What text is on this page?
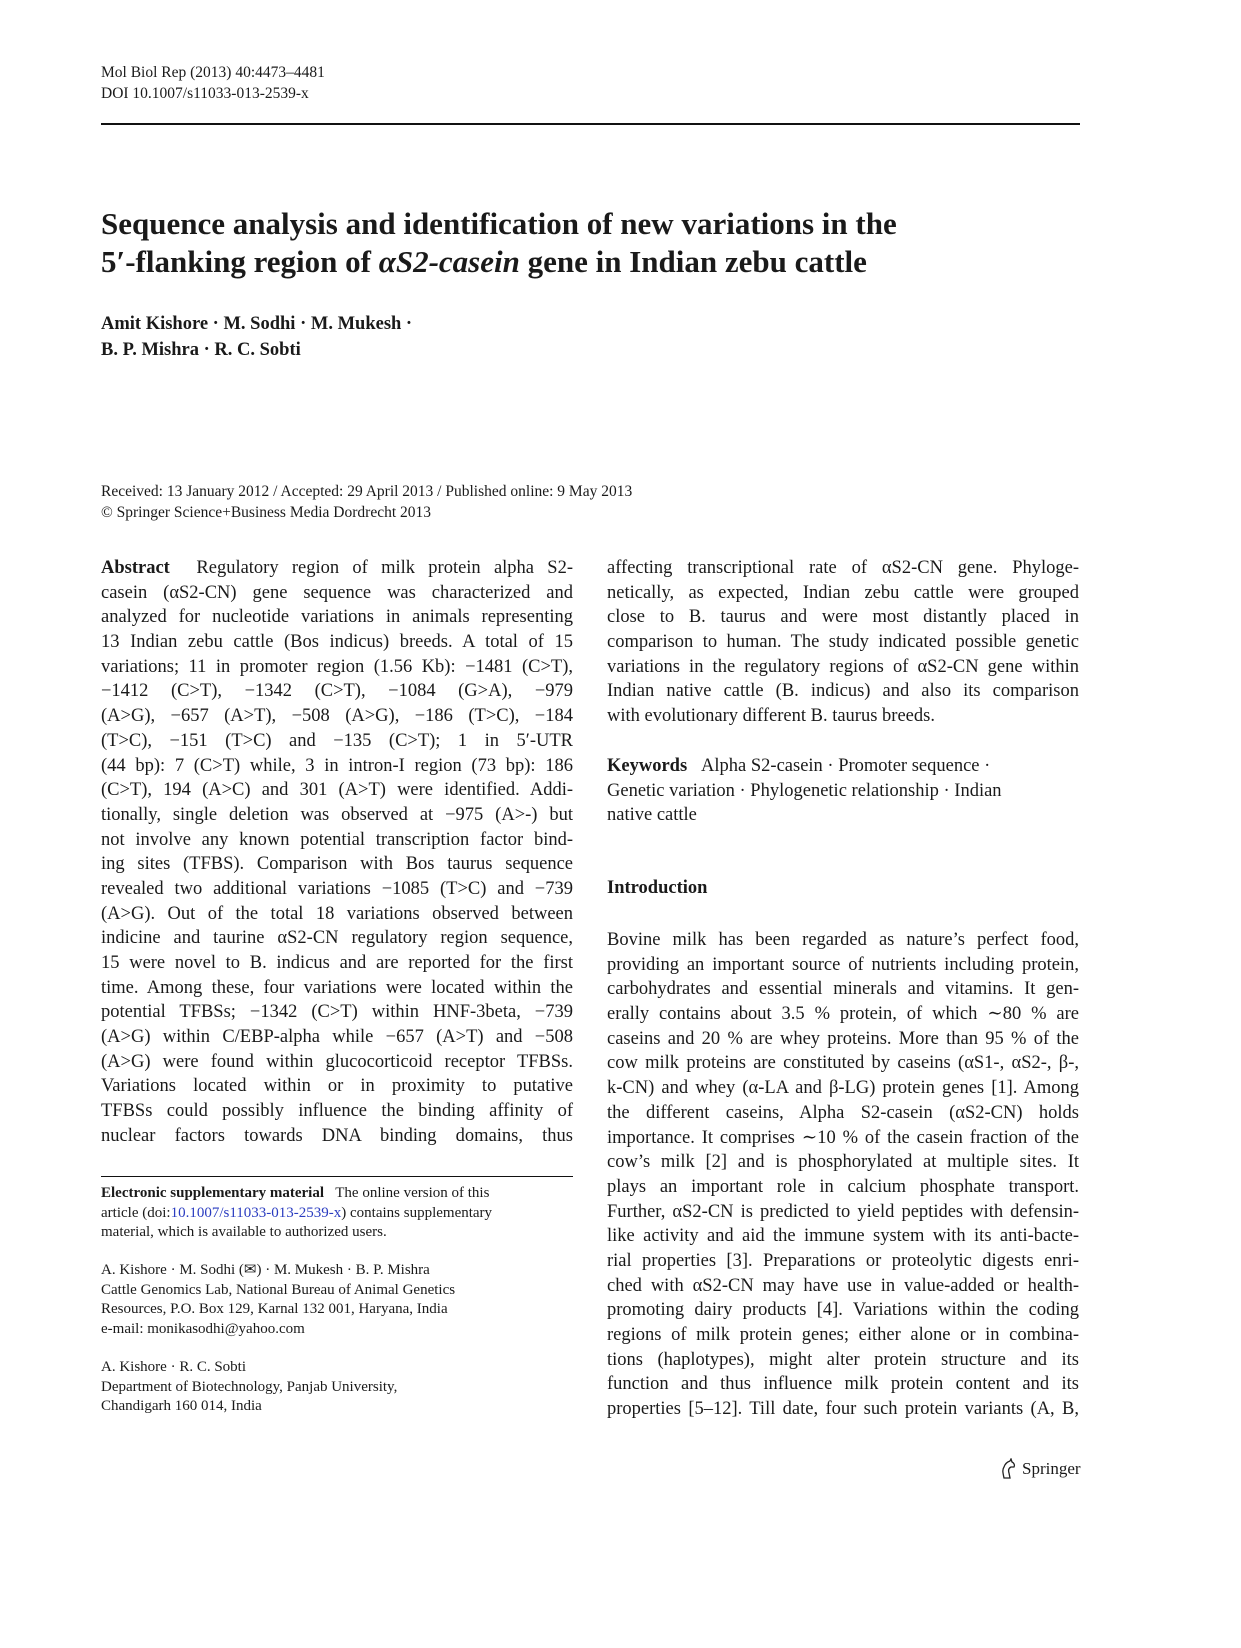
Mol Biol Rep (2013) 40:4473–4481
DOI 10.1007/s11033-013-2539-x
Sequence analysis and identification of new variations in the
5′-flanking region of αS2-casein gene in Indian zebu cattle
Amit Kishore · M. Sodhi · M. Mukesh ·
B. P. Mishra · R. C. Sobti
Received: 13 January 2012 / Accepted: 29 April 2013 / Published online: 9 May 2013
© Springer Science+Business Media Dordrecht 2013
Abstract Regulatory region of milk protein alpha S2-
casein (αS2-CN) gene sequence was characterized and
analyzed for nucleotide variations in animals representing
13 Indian zebu cattle (Bos indicus) breeds. A total of 15
variations; 11 in promoter region (1.56 Kb): −1481 (C>T),
−1412 (C>T), −1342 (C>T), −1084 (G>A), −979
(A>G), −657 (A>T), −508 (A>G), −186 (T>C), −184
(T>C), −151 (T>C) and −135 (C>T); 1 in 5′-UTR
(44 bp): 7 (C>T) while, 3 in intron-I region (73 bp): 186
(C>T), 194 (A>C) and 301 (A>T) were identified. Addi-
tionally, single deletion was observed at −975 (A>-) but
not involve any known potential transcription factor bind-
ing sites (TFBS). Comparison with Bos taurus sequence
revealed two additional variations −1085 (T>C) and −739
(A>G). Out of the total 18 variations observed between
indicine and taurine αS2-CN regulatory region sequence,
15 were novel to B. indicus and are reported for the first
time. Among these, four variations were located within the
potential TFBSs; −1342 (C>T) within HNF-3beta, −739
(A>G) within C/EBP-alpha while −657 (A>T) and −508
(A>G) were found within glucocorticoid receptor TFBSs.
Variations located within or in proximity to putative
TFBSs could possibly influence the binding affinity of
nuclear factors towards DNA binding domains, thus
affecting transcriptional rate of αS2-CN gene. Phyloge-
netically, as expected, Indian zebu cattle were grouped
close to B. taurus and were most distantly placed in
comparison to human. The study indicated possible genetic
variations in the regulatory regions of αS2-CN gene within
Indian native cattle (B. indicus) and also its comparison
with evolutionary different B. taurus breeds.
Keywords Alpha S2-casein · Promoter sequence ·
Genetic variation · Phylogenetic relationship · Indian
native cattle
Introduction
Bovine milk has been regarded as nature’s perfect food,
providing an important source of nutrients including protein,
carbohydrates and essential minerals and vitamins. It gen-
erally contains about 3.5 % protein, of which ∼80 % are
caseins and 20 % are whey proteins. More than 95 % of the
cow milk proteins are constituted by caseins (αS1-, αS2-, β-,
k-CN) and whey (α-LA and β-LG) protein genes [1]. Among
the different caseins, Alpha S2-casein (αS2-CN) holds
importance. It comprises ∼10 % of the casein fraction of the
cow’s milk [2] and is phosphorylated at multiple sites. It
plays an important role in calcium phosphate transport.
Further, αS2-CN is predicted to yield peptides with defensin-
like activity and aid the immune system with its anti-bacte-
rial properties [3]. Preparations or proteolytic digests enri-
ched with αS2-CN may have use in value-added or health-
promoting dairy products [4]. Variations within the coding
regions of milk protein genes; either alone or in combina-
tions (haplotypes), might alter protein structure and its
function and thus influence milk protein content and its
properties [5–12]. Till date, four such protein variants (A, B,
Electronic supplementary material The online version of this
article (doi:10.1007/s11033-013-2539-x) contains supplementary
material, which is available to authorized users.
A. Kishore · M. Sodhi (✉) · M. Mukesh · B. P. Mishra
Cattle Genomics Lab, National Bureau of Animal Genetics
Resources, P.O. Box 129, Karnal 132 001, Haryana, India
e-mail: monikasodhi@yahoo.com
A. Kishore · R. C. Sobti
Department of Biotechnology, Panjab University,
Chandigarh 160 014, India
Springer
